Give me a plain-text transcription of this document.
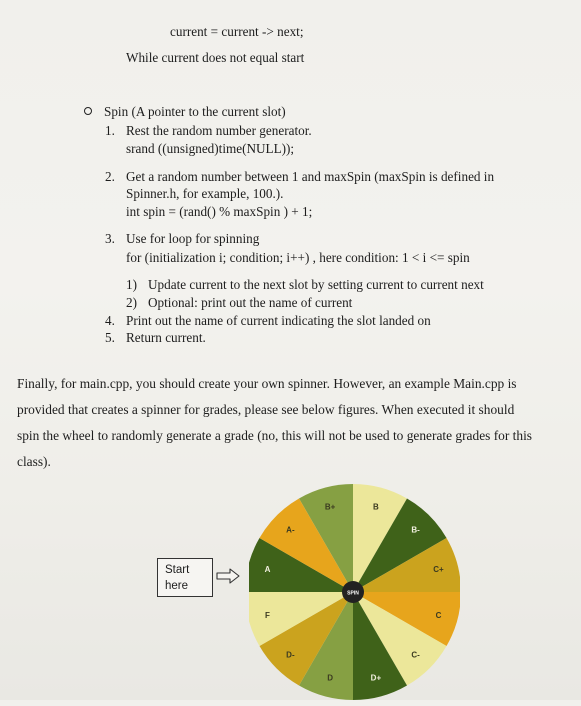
current = current -> next;
While current does not equal start
Spin (A pointer to the current slot)
1. Rest the random number generator.
srand ((unsigned)time(NULL));
2. Get a random number between 1 and maxSpin (maxSpin is defined in
Spinner.h, for example, 100.).
int spin = (rand() % maxSpin ) + 1;
3. Use for loop for spinning
for (initialization i; condition; i++) , here condition: 1 < i <= spin
1) Update current to the next slot by setting current to current next
2) Optional: print out the name of current
4. Print out the name of current indicating the slot landed on
5. Return current.
Finally, for main.cpp, you should create your own spinner. However, an example Main.cpp is
provided that creates a spinner for grades, please see below figures. When executed it should
spin the wheel to randomly generate a grade (no, this will not be used to generate grades for this
class).
Start
here
B+	B
B-
C+
C
C-
D+
D
D-
F
A
A-
SPIN
